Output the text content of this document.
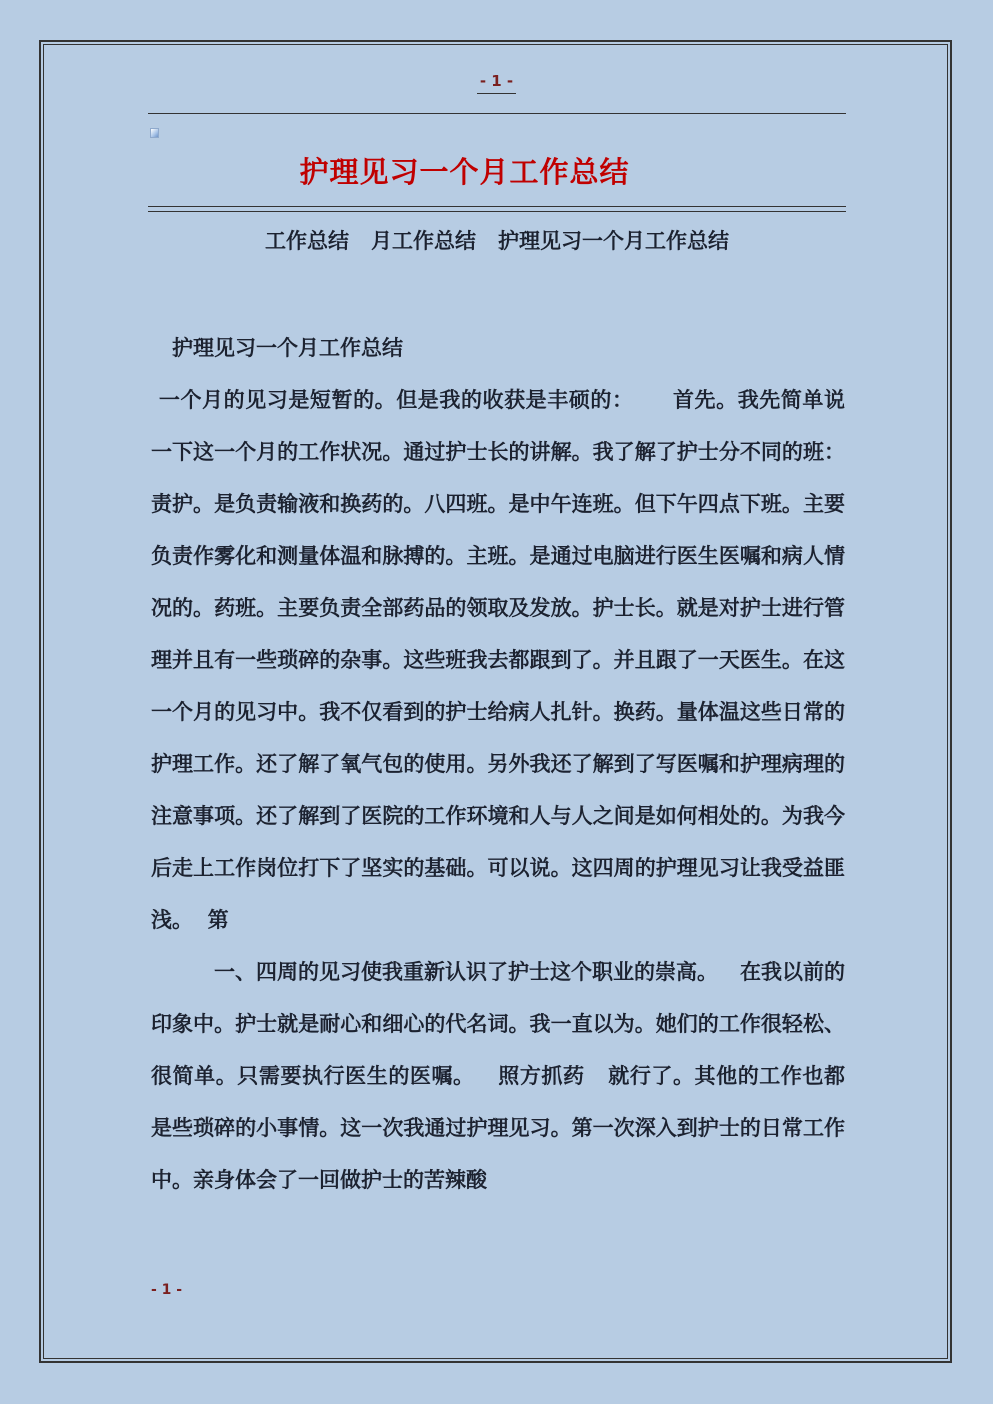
- 1 -
护理见习一个月工作总结
工作总结 月工作总结 护理见习一个月工作总结

护理见习一个月工作总结

一个月的见习是短暂的。但是我的收获是丰硕的：     首先。我先简单说一下这一个月的工作状况。通过护士长的讲解。我了解了护士分不同的班：责护。是负责输液和换药的。八四班。是中午连班。但下午四点下班。主要负责作雾化和测量体温和脉搏的。主班。是通过电脑进行医生医嘱和病人情况的。药班。主要负责全部药品的领取及发放。护士长。就是对护士进行管理并且有一些琐碎的杂事。这些班我去都跟到了。并且跟了一天医生。在这一个月的见习中。我不仅看到的护士给病人扎针。换药。量体温这些日常的护理工作。还了解了氧气包的使用。另外我还了解到了写医嘱和护理病理的注意事项。还了解到了医院的工作环境和人与人之间是如何相处的。为我今后走上工作岗位打下了坚实的基础。可以说。这四周的护理见习让我受益匪浅。  第

一、四周的见习使我重新认识了护士这个职业的崇高。   在我以前的印象中。护士就是耐心和细心的代名词。我一直以为。她们的工作很轻松、很简单。只需要执行医生的医嘱。   照方抓药   就行了。其他的工作也都是些琐碎的小事情。这一次我通过护理见习。第一次深入到护士的日常工作中。亲身体会了一回做护士的苦辣酸

- 1 -
